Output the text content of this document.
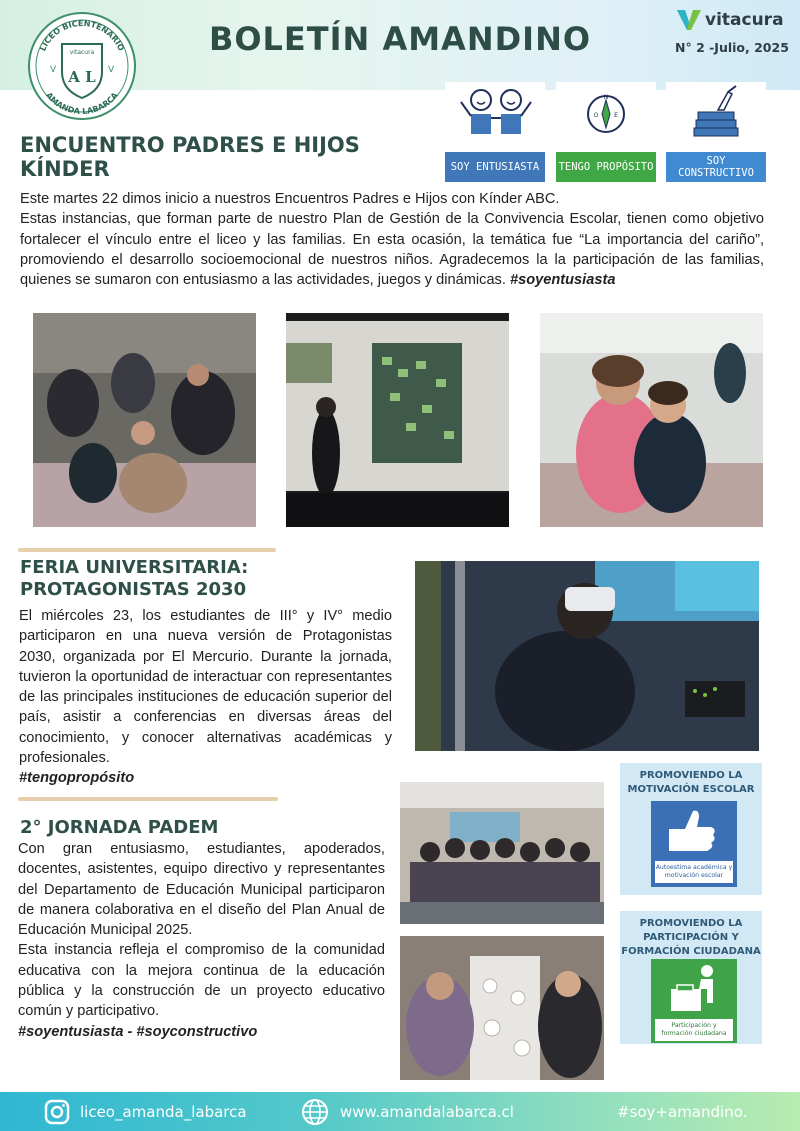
LICEO BICENTENARIO
AMANDA LABARCA
vitacura
A L
V	V
BOLETÍN AMANDINO	vitacura
N° 2 -Julio, 2025
SOY ENTUSIASTA
N
O	E
TENGO PROPÓSITO	SOY CONSTRUCTIVO
ENCUENTRO PADRES E HIJOS KÍNDER
Este martes 22 dimos inicio a nuestros Encuentros Padres e Hijos con Kínder ABC.
Estas instancias, que forman parte de nuestro Plan de Gestión de la Convivencia Escolar, tienen como objetivo fortalecer el vínculo entre el liceo y las familias. En esta ocasión, la temática fue “La importancia del cariño”, promoviendo el desarrollo socioemocional de nuestros niños. Agradecemos la la participación de las familias, quienes se sumaron con entusiasmo a las actividades, juegos y dinámicas. #soyentusiasta
FERIA UNIVERSITARIA: PROTAGONISTAS 2030
El miércoles 23, los estudiantes de III° y IV° medio participaron en una nueva versión de Protagonistas 2030, organizada por El Mercurio. Durante la jornada, tuvieron la oportunidad de interactuar con representantes de las principales instituciones de educación superior del país, asistir a conferencias en diversas áreas del conocimiento, y conocer alternativas académicas y profesionales.
#tengopropósito
2° JORNADA PADEM
Con gran entusiasmo, estudiantes, apoderados, docentes, asistentes, equipo directivo y representantes del Departamento de Educación Municipal participaron de manera colaborativa en el diseño del Plan Anual de Educación Municipal 2025.
Esta instancia refleja el compromiso de la comunidad educativa con la mejora continua de la educación pública y la construcción de un proyecto educativo común y participativo.
#soyentusiasta - #soyconstructivo
PROMOVIENDO LA MOTIVACIÓN ESCOLAR
Autoestima académica y motivación escolar
PROMOVIENDO LA PARTICIPACIÓN Y FORMACIÓN CIUDADANA
Participación y formación ciudadana
liceo_amanda_labarca	www.amandalabarca.cl	#soy+amandino.
